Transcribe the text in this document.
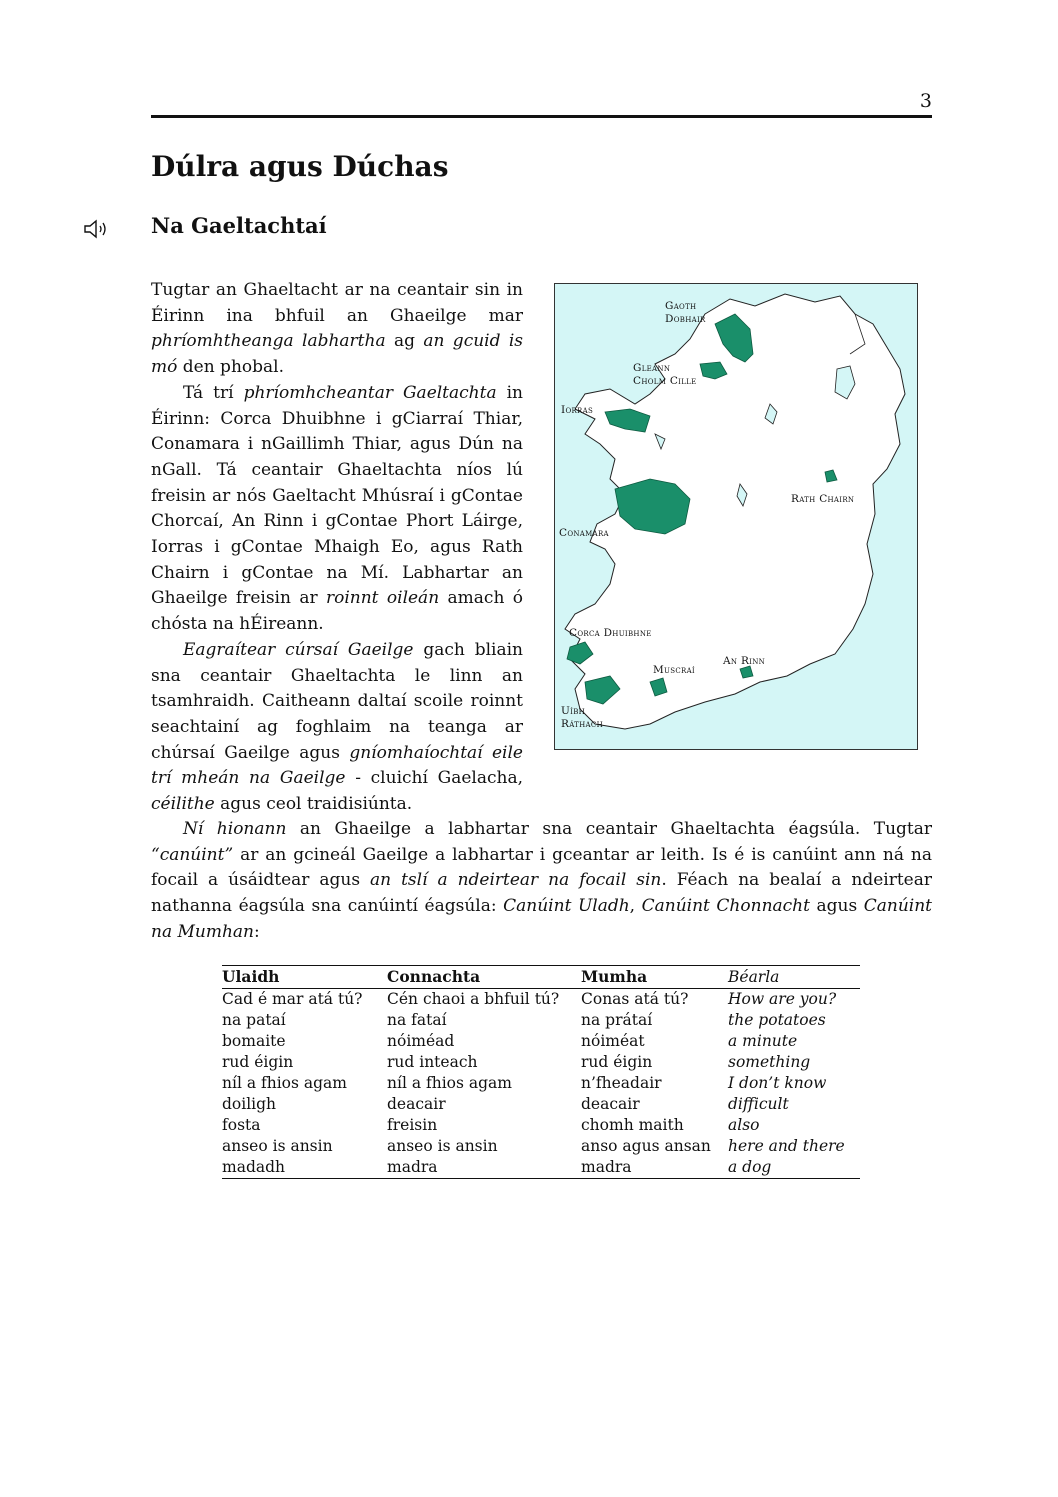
3
Dúlra agus Dúchas
Na Gaeltachtaí

Tugtar an Ghaeltacht ar na ceantair sin in Éirinn ina bhfuil an Ghaeilge mar phríomhtheanga labhartha ag an gcuid is mó den phobal.

Tá trí phríomhcheantar Gaeltachta in Éirinn: Corca Dhuibhne i gCiarraí Thiar, Conamara i nGaillimh Thiar, agus Dún na nGall. Tá ceantair Ghaeltachta níos lú freisin ar nós Gaeltacht Mhúsraí i gContae Chorcaí, An Rinn i gContae Phort Láirge, Iorras i gContae Mhaigh Eo, agus Rath Chairn i gContae na Mí. Labhartar an Ghaeilge freisin ar roinnt oileán amach ó chósta na hÉireann.

Eagraítear cúrsaí Gaeilge gach bliain sna ceantair Ghaeltachta le linn an tsamhraidh. Caitheann daltaí scoile roinnt seachtainí ag foghlaim na teanga ar chúrsaí Gaeilge agus gníomhaíochtaí eile trí mheán na Gaeilge - cluichí Gaelacha, céilithe agus ceol traidisiúnta.

Gaoth
Dobhair
Gleann
Cholm Cille
Iorras
Rath Chairn
Conamara
Corca Dhuibhne
An Rinn
Muscraí
Uíbh
Ráthach

Ní hionann an Ghaeilge a labhartar sna ceantair Ghaeltachta éagsúla. Tugtar “canúint” ar an gcineál Gaeilge a labhartar i gceantar ar leith. Is é is canúint ann ná na focail a úsáidtear agus an tslí a ndeirtear na focail sin. Féach na bealaí a ndeirtear nathanna éagsúla sna canúintí éagsúla: Canúint Uladh, Canúint Chonnacht agus Canúint na Mumhan:

Ulaidh	Connachta	Mumha	Béarla
Cad é mar atá tú?	Cén chaoi a bhfuil tú?	Conas atá tú?	How are you?
na pataí	na fataí	na prátaí	the potatoes
bomaite	nóiméad	nóiméat	a minute
rud éigin	rud inteach	rud éigin	something
níl a fhios agam	níl a fhios agam	n’fheadair	I don’t know
doiligh	deacair	deacair	difficult
fosta	freisin	chomh maith	also
anseo is ansin	anseo is ansin	anso agus ansan	here and there
madadh	madra	madra	a dog
